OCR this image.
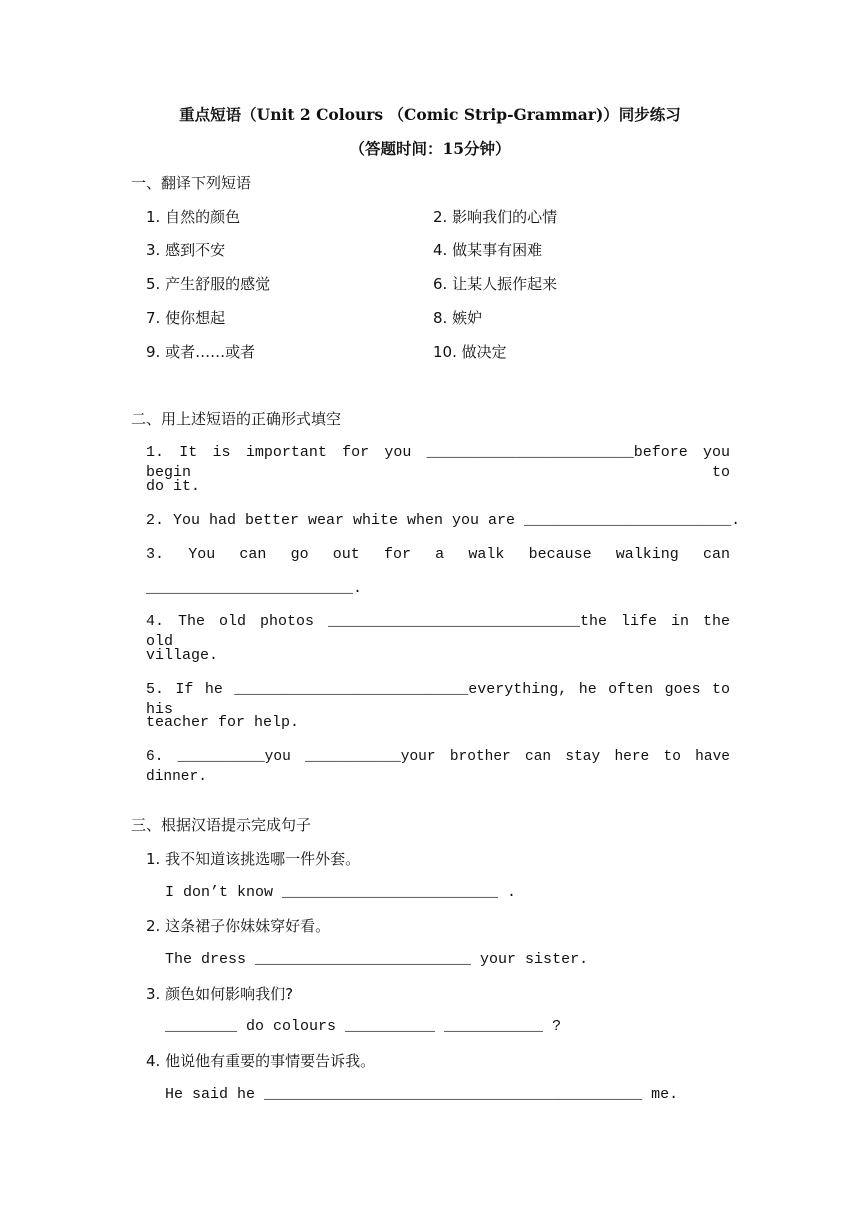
重点短语（Unit 2 Colours （Comic Strip-Grammar)）同步练习
（答题时间：15分钟）
一、翻译下列短语
1. 自然的颜色	2. 影响我们的心情
3. 感到不安	4. 做某事有困难
5. 产生舒服的感觉	6. 让某人振作起来
7. 使你想起	8. 嫉妒
9. 或者……或者	10. 做决定
二、用上述短语的正确形式填空
1. It is important for you _______________________before you begin to
do it.
2. You had better wear white when you are _______________________.
3. You can go out for a walk because walking can
_______________________.
4. The old photos ____________________________the life in the old
village.
5. If he __________________________everything, he often goes to his
teacher for help.
6. __________you ___________your brother can stay here to have dinner.
三、根据汉语提示完成句子
1. 我不知道该挑选哪一件外套。
I don’t know ________________________ .
2. 这条裙子你妹妹穿好看。
The dress ________________________ your sister.
3. 颜色如何影响我们?
________ do colours __________ ___________ ?
4. 他说他有重要的事情要告诉我。
He said he __________________________________________ me.
